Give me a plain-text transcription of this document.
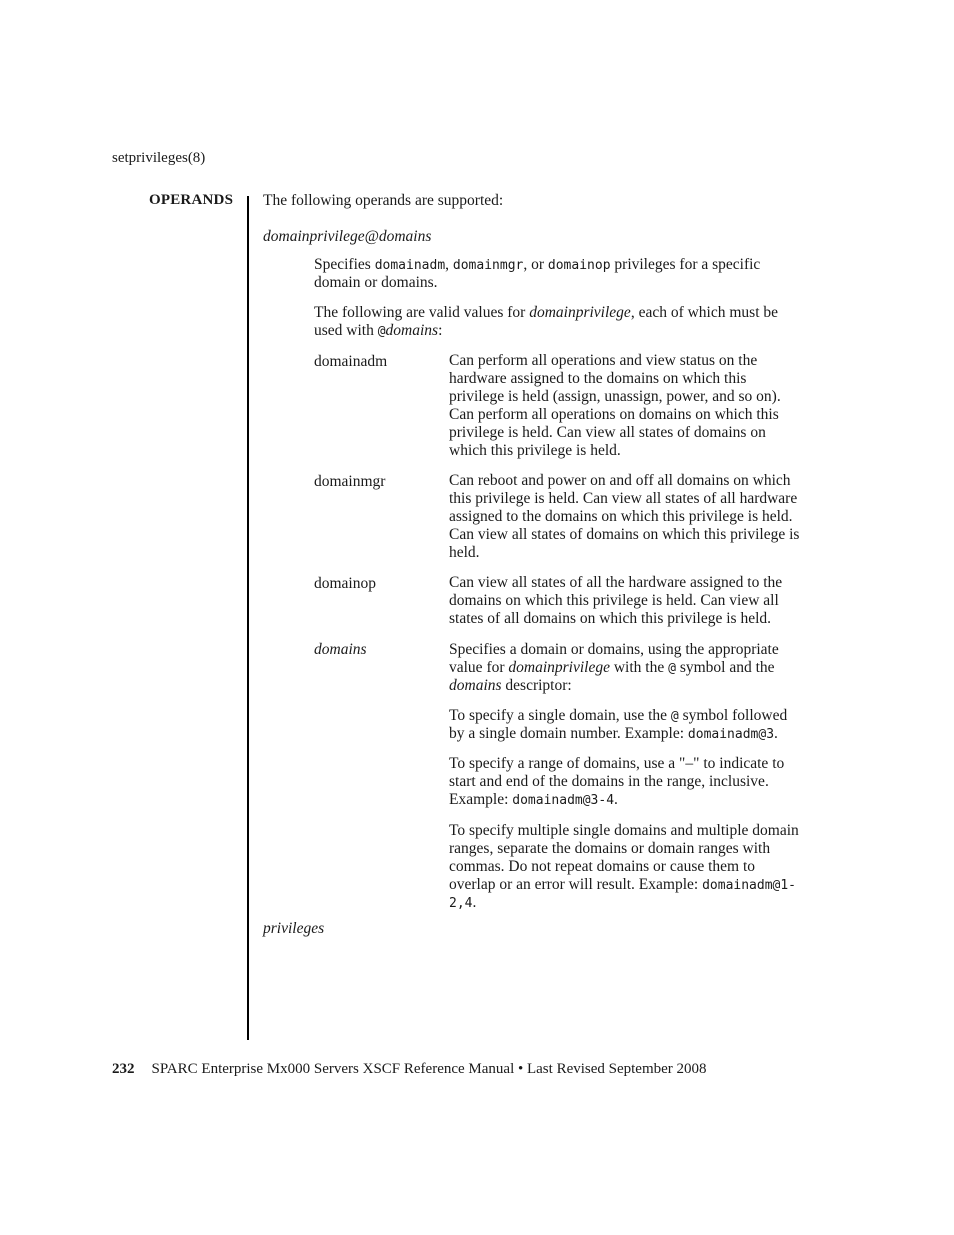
setprivileges(8)
OPERANDS The following operands are supported:
domainprivilege@domains
Specifies domainadm, domainmgr, or domainop privileges for a specific
domain or domains.
The following are valid values for domainprivilege, each of which must be
used with @domains:
domainadm	Can perform all operations and view status on the
hardware assigned to the domains on which this
privilege is held (assign, unassign, power, and so on).
Can perform all operations on domains on which this
privilege is held. Can view all states of domains on
which this privilege is held.
domainmgr	Can reboot and power on and off all domains on which
this privilege is held. Can view all states of all hardware
assigned to the domains on which this privilege is held.
Can view all states of domains on which this privilege is
held.
domainop	Can view all states of all the hardware assigned to the
domains on which this privilege is held. Can view all
states of all domains on which this privilege is held.
domains	Specifies a domain or domains, using the appropriate
value for domainprivilege with the @ symbol and the
domains descriptor:
To specify a single domain, use the @ symbol followed
by a single domain number. Example: domainadm@3.
To specify a range of domains, use a "–" to indicate to
start and end of the domains in the range, inclusive.
Example: domainadm@3-4.
To specify multiple single domains and multiple domain
ranges, separate the domains or domain ranges with
commas. Do not repeat domains or cause them to
overlap or an error will result. Example: domainadm@1-
2,4.
privileges
232 SPARC Enterprise Mx000 Servers XSCF Reference Manual • Last Revised September 2008
